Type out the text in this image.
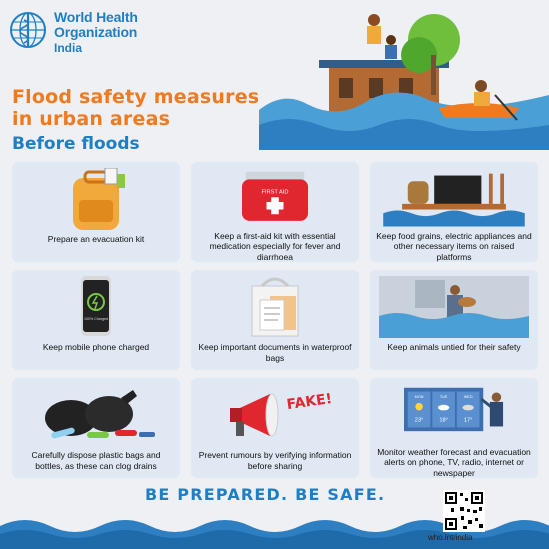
World Health
Organization
India
Flood safety measures
in urban areas
Before floods
Prepare an evacuation kit
FIRST AID
Keep a first-aid kit with essential medication especially for fever and diarrhoea
Keep food grains, electric appliances and other necessary items on raised platforms
100% Charged
Keep mobile phone charged	Keep important documents in waterproof bags
Keep animals untied for their safety
Carefully dispose plastic bags and bottles, as these can clog drains
FAKE!
Prevent rumours by verifying information before sharing
MON	TUE	WED
23°	18°	17°
Monitor weather forecast and evacuation alerts on phone, TV, radio, internet or newspaper
BE PREPARED. BE SAFE.
who.int/india
